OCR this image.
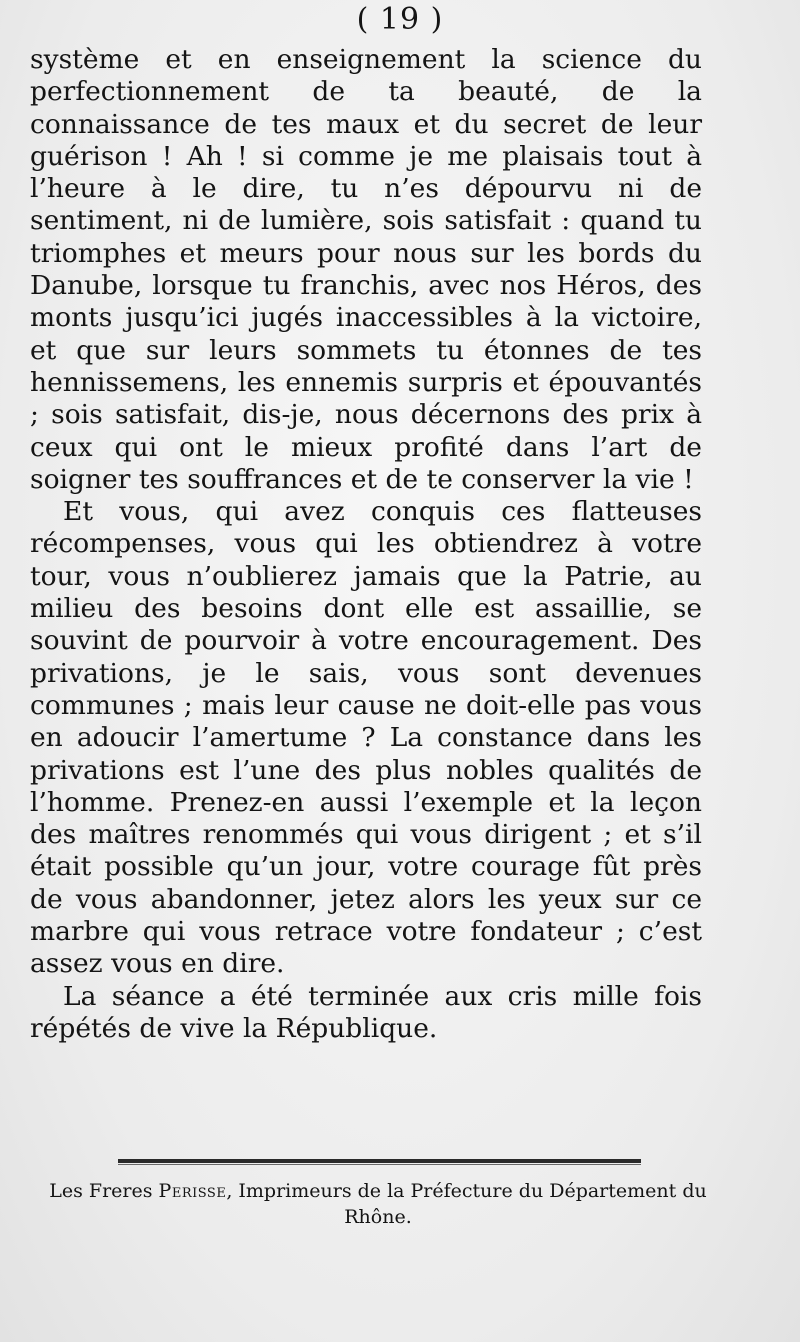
( 19 )

système et en enseignement la science du perfectionnement de ta beauté, de la connaissance de tes maux et du secret de leur guérison ! Ah ! si comme je me plaisais tout à l’heure à le dire, tu n’es dépourvu ni de sentiment, ni de lumière, sois satisfait : quand tu triomphes et meurs pour nous sur les bords du Danube, lorsque tu franchis, avec nos Héros, des monts jusqu’ici jugés inaccessibles à la victoire, et que sur leurs sommets tu étonnes de tes hennissemens, les ennemis surpris et épouvantés ; sois satisfait, dis-je, nous décernons des prix à ceux qui ont le mieux profité dans l’art de soigner tes souffrances et de te conserver la vie !

Et vous, qui avez conquis ces flatteuses récompenses, vous qui les obtiendrez à votre tour, vous n’oublierez jamais que la Patrie, au milieu des besoins dont elle est assaillie, se souvint de pourvoir à votre encouragement. Des privations, je le sais, vous sont devenues communes ; mais leur cause ne doit-elle pas vous en adoucir l’amertume ? La constance dans les privations est l’une des plus nobles qualités de l’homme. Prenez-en aussi l’exemple et la leçon des maîtres renommés qui vous dirigent ; et s’il était possible qu’un jour, votre courage fût près de vous abandonner, jetez alors les yeux sur ce marbre qui vous retrace votre fondateur ; c’est assez vous en dire.

La séance a été terminée aux cris mille fois répétés de vive la République.

Les Freres Perisse, Imprimeurs de la Préfecture du Département du Rhône.
